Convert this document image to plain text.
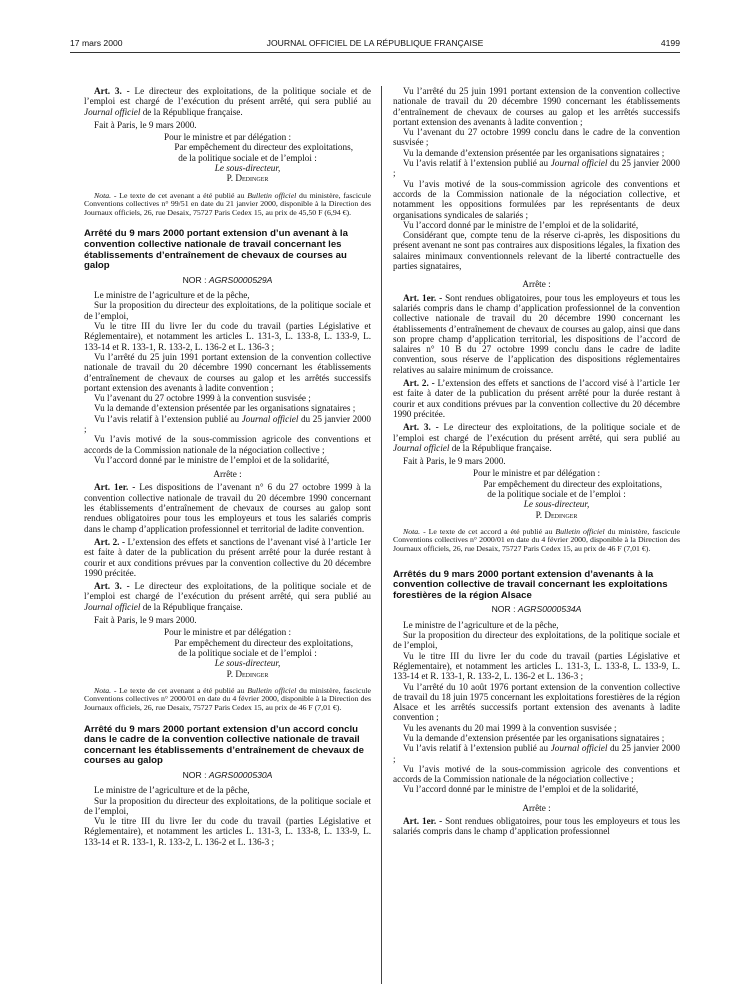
17 mars 2000	JOURNAL OFFICIEL DE LA RÉPUBLIQUE FRANÇAISE	4199

Art. 3. - Le directeur des exploitations, de la politique sociale et de l’emploi est chargé de l’exécution du présent arrêté, qui sera publié au Journal officiel de la République française.

Fait à Paris, le 9 mars 2000.

Pour le ministre et par délégation :

Par empêchement du directeur des exploitations,

de la politique sociale et de l’emploi :

Le sous-directeur,

P. Dedinger

Nota. - Le texte de cet avenant a été publié au Bulletin officiel du ministère, fascicule Conventions collectives n° 99/51 en date du 21 janvier 2000, disponible à la Direction des Journaux officiels, 26, rue Desaix, 75727 Paris Cedex 15, au prix de 45,50 F (6,94 €).

Arrêté du 9 mars 2000 portant extension d’un avenant à la convention collective nationale de travail concernant les établissements d’entraînement de chevaux de courses au galop

NOR : AGRS0000529A

Le ministre de l’agriculture et de la pêche,

Sur la proposition du directeur des exploitations, de la politique sociale et de l’emploi,

Vu le titre III du livre Ier du code du travail (parties Législative et Réglementaire), et notamment les articles L. 131-3, L. 133-8, L. 133-9, L. 133-14 et R. 133-1, R. 133-2, L. 136-2 et L. 136-3 ;

Vu l’arrêté du 25 juin 1991 portant extension de la convention collective nationale de travail du 20 décembre 1990 concernant les établissements d’entraînement de chevaux de courses au galop et les arrêtés successifs portant extension des avenants à ladite convention ;

Vu l’avenant du 27 octobre 1999 à la convention susvisée ;

Vu la demande d’extension présentée par les organisations signataires ;

Vu l’avis relatif à l’extension publié au Journal officiel du 25 janvier 2000 ;

Vu l’avis motivé de la sous-commission agricole des conventions et accords de la Commission nationale de la négociation collective ;

Vu l’accord donné par le ministre de l’emploi et de la solidarité,

Arrête :

Art. 1er. - Les dispositions de l’avenant n° 6 du 27 octobre 1999 à la convention collective nationale de travail du 20 décembre 1990 concernant les établissements d’entraînement de chevaux de courses au galop sont rendues obligatoires pour tous les employeurs et tous les salariés compris dans le champ d’application professionnel et territorial de ladite convention.

Art. 2. - L’extension des effets et sanctions de l’avenant visé à l’article 1er est faite à dater de la publication du présent arrêté pour la durée restant à courir et aux conditions prévues par la convention collective du 20 décembre 1990 précitée.

Art. 3. - Le directeur des exploitations, de la politique sociale et de l’emploi est chargé de l’exécution du présent arrêté, qui sera publié au Journal officiel de la République française.

Fait à Paris, le 9 mars 2000.

Pour le ministre et par délégation :

Par empêchement du directeur des exploitations,

de la politique sociale et de l’emploi :

Le sous-directeur,

P. Dedinger

Nota. - Le texte de cet avenant a été publié au Bulletin officiel du ministère, fascicule Conventions collectives n° 2000/01 en date du 4 février 2000, disponible à la Direction des Journaux officiels, 26, rue Desaix, 75727 Paris Cedex 15, au prix de 46 F (7,01 €).

Arrêté du 9 mars 2000 portant extension d’un accord conclu dans le cadre de la convention collective nationale de travail concernant les établissements d’entraînement de chevaux de courses au galop

NOR : AGRS0000530A

Le ministre de l’agriculture et de la pêche,

Sur la proposition du directeur des exploitations, de la politique sociale et de l’emploi,

Vu le titre III du livre Ier du code du travail (parties Législative et Réglementaire), et notamment les articles L. 131-3, L. 133-8, L. 133-9, L. 133-14 et R. 133-1, R. 133-2, L. 136-2 et L. 136-3 ;

Vu l’arrêté du 25 juin 1991 portant extension de la convention collective nationale de travail du 20 décembre 1990 concernant les établissements d’entraînement de chevaux de courses au galop et les arrêtés successifs portant extension des avenants à ladite convention ;

Vu l’avenant du 27 octobre 1999 conclu dans le cadre de la convention susvisée ;

Vu la demande d’extension présentée par les organisations signataires ;

Vu l’avis relatif à l’extension publié au Journal officiel du 25 janvier 2000 ;

Vu l’avis motivé de la sous-commission agricole des conventions et accords de la Commission nationale de la négociation collective, et notamment les oppositions formulées par les représentants de deux organisations syndicales de salariés ;

Vu l’accord donné par le ministre de l’emploi et de la solidarité,

Considérant que, compte tenu de la réserve ci-après, les dispositions du présent avenant ne sont pas contraires aux dispositions légales, la fixation des salaires minimaux conventionnels relevant de la liberté contractuelle des parties signataires,

Arrête :

Art. 1er. - Sont rendues obligatoires, pour tous les employeurs et tous les salariés compris dans le champ d’application professionnel de la convention collective nationale de travail du 20 décembre 1990 concernant les établissements d’entraînement de chevaux de courses au galop, ainsi que dans son propre champ d’application territorial, les dispositions de l’accord de salaires n° 10 B du 27 octobre 1999 conclu dans le cadre de ladite convention, sous réserve de l’application des dispositions réglementaires relatives au salaire minimum de croissance.

Art. 2. - L’extension des effets et sanctions de l’accord visé à l’article 1er est faite à dater de la publication du présent arrêté pour la durée restant à courir et aux conditions prévues par la convention collective du 20 décembre 1990 précitée.

Art. 3. - Le directeur des exploitations, de la politique sociale et de l’emploi est chargé de l’exécution du présent arrêté, qui sera publié au Journal officiel de la République française.

Fait à Paris, le 9 mars 2000.

Pour le ministre et par délégation :

Par empêchement du directeur des exploitations,

de la politique sociale et de l’emploi :

Le sous-directeur,

P. Dedinger

Nota. - Le texte de cet accord a été publié au Bulletin officiel du ministère, fascicule Conventions collectives n° 2000/01 en date du 4 février 2000, disponible à la Direction des Journaux officiels, 26, rue Desaix, 75727 Paris Cedex 15, au prix de 46 F (7,01 €).

Arrêtés du 9 mars 2000 portant extension d’avenants à la convention collective de travail concernant les exploitations forestières de la région Alsace

NOR : AGRS0000534A

Le ministre de l’agriculture et de la pêche,

Sur la proposition du directeur des exploitations, de la politique sociale et de l’emploi,

Vu le titre III du livre Ier du code du travail (parties Législative et Réglementaire), et notamment les articles L. 131-3, L. 133-8, L. 133-9, L. 133-14 et R. 133-1, R. 133-2, L. 136-2 et L. 136-3 ;

Vu l’arrêté du 10 août 1976 portant extension de la convention collective de travail du 18 juin 1975 concernant les exploitations forestières de la région Alsace et les arrêtés successifs portant extension des avenants à ladite convention ;

Vu les avenants du 20 mai 1999 à la convention susvisée ;

Vu la demande d’extension présentée par les organisations signataires ;

Vu l’avis relatif à l’extension publié au Journal officiel du 25 janvier 2000 ;

Vu l’avis motivé de la sous-commission agricole des conventions et accords de la Commission nationale de la négociation collective ;

Vu l’accord donné par le ministre de l’emploi et de la solidarité,

Arrête :

Art. 1er. - Sont rendues obligatoires, pour tous les employeurs et tous les salariés compris dans le champ d’application professionnel
